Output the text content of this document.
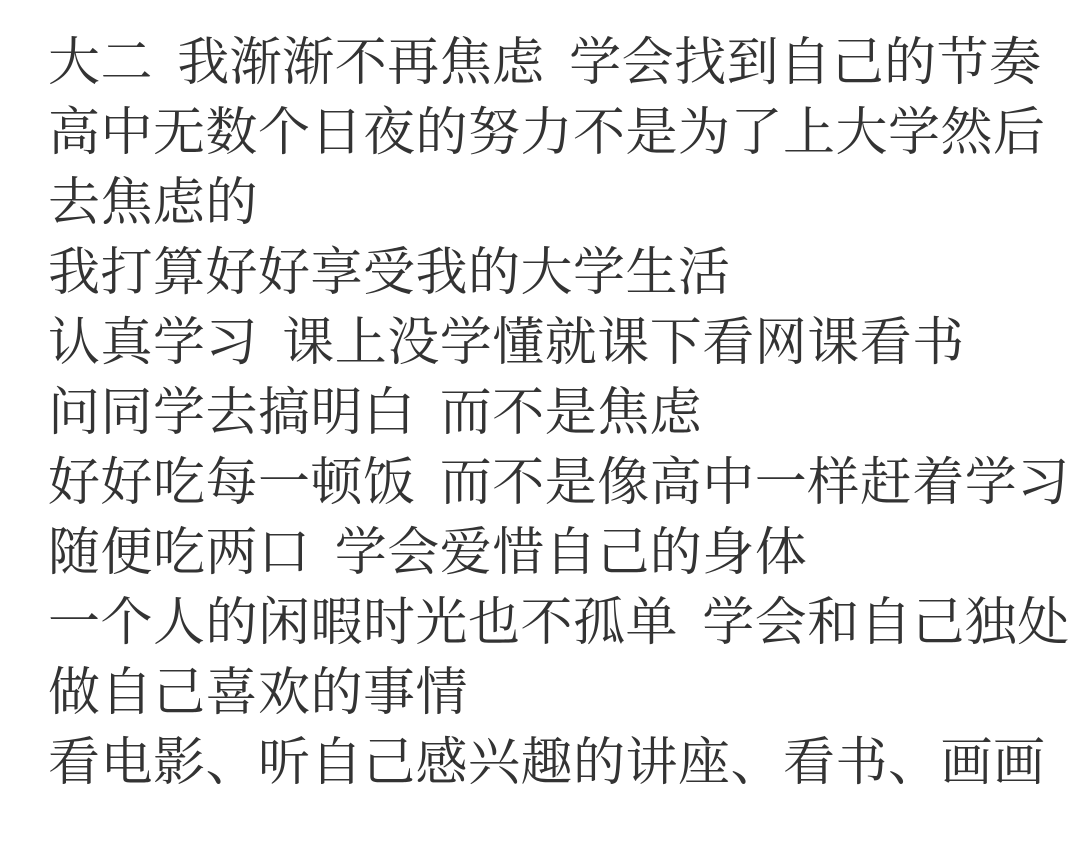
大二 我渐渐不再焦虑 学会找到自己的节奏
高中无数个日夜的努力不是为了上大学然后
去焦虑的
我打算好好享受我的大学生活
认真学习 课上没学懂就课下看网课看书
问同学去搞明白 而不是焦虑
好好吃每一顿饭 而不是像高中一样赶着学习
随便吃两口 学会爱惜自己的身体
一个人的闲暇时光也不孤单 学会和自己独处
做自己喜欢的事情
看电影、听自己感兴趣的讲座、看书、画画
